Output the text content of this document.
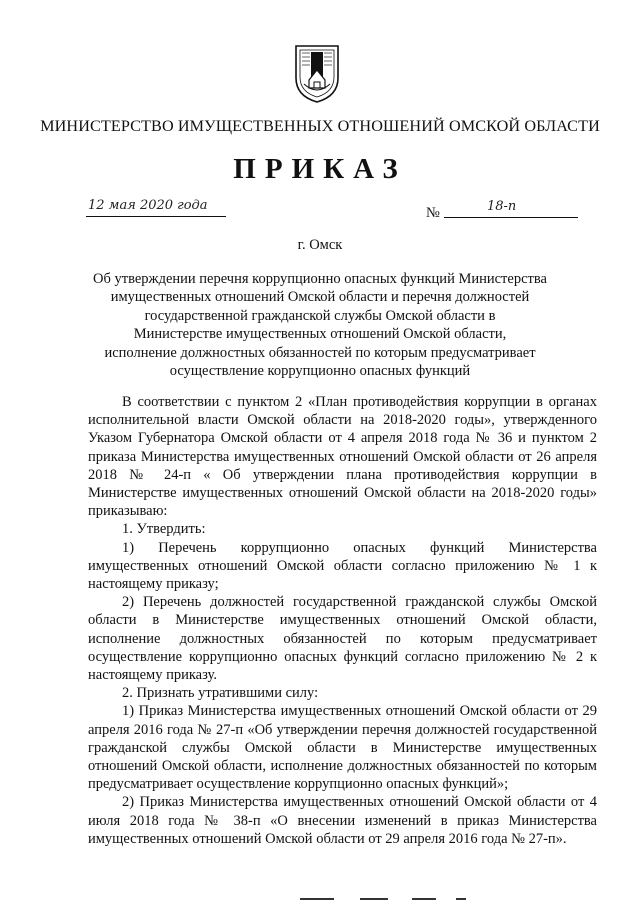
МИНИСТЕРСТВО ИМУЩЕСТВЕННЫХ ОТНОШЕНИЙ ОМСКОЙ ОБЛАСТИ
ПРИКАЗ
12 мая 2020 года	№	18-п
г. Омск
Об утверждении перечня коррупционно опасных функций Министерства
имущественных отношений Омской области и перечня должностей
государственной гражданской службы Омской области в
Министерстве имущественных отношений Омской области,
исполнение должностных обязанностей по которым предусматривает
осуществление коррупционно опасных функций

В соответствии с пунктом 2 «План противодействия коррупции в органах исполнительной власти Омской области на 2018-2020 годы», утвержденного Указом Губернатора Омской области от 4 апреля 2018 года № 36 и пунктом 2 приказа Министерства имущественных отношений Омской области от 26 апреля 2018 № 24-п « Об утверждении плана противодействия коррупции в Министерстве имущественных отношений Омской области на 2018-2020 годы» приказываю:

1. Утвердить:

1) Перечень коррупционно опасных функций Министерства имущественных отношений Омской области согласно приложению № 1 к настоящему приказу;

2) Перечень должностей государственной гражданской службы Омской области в Министерстве имущественных отношений Омской области, исполнение должностных обязанностей по которым предусматривает осуществление коррупционно опасных функций согласно приложению № 2 к настоящему приказу.

2. Признать утратившими силу:

1) Приказ Министерства имущественных отношений Омской области от 29 апреля 2016 года № 27-п «Об утверждении перечня должностей государственной гражданской службы Омской области в Министерстве имущественных отношений Омской области, исполнение должностных обязанностей по которым предусматривает осуществление коррупционно опасных функций»;

2) Приказ Министерства имущественных отношений Омской области от 4 июля 2018 года № 38-п «О внесении изменений в приказ Министерства имущественных отношений Омской области от 29 апреля 2016 года № 27-п».
